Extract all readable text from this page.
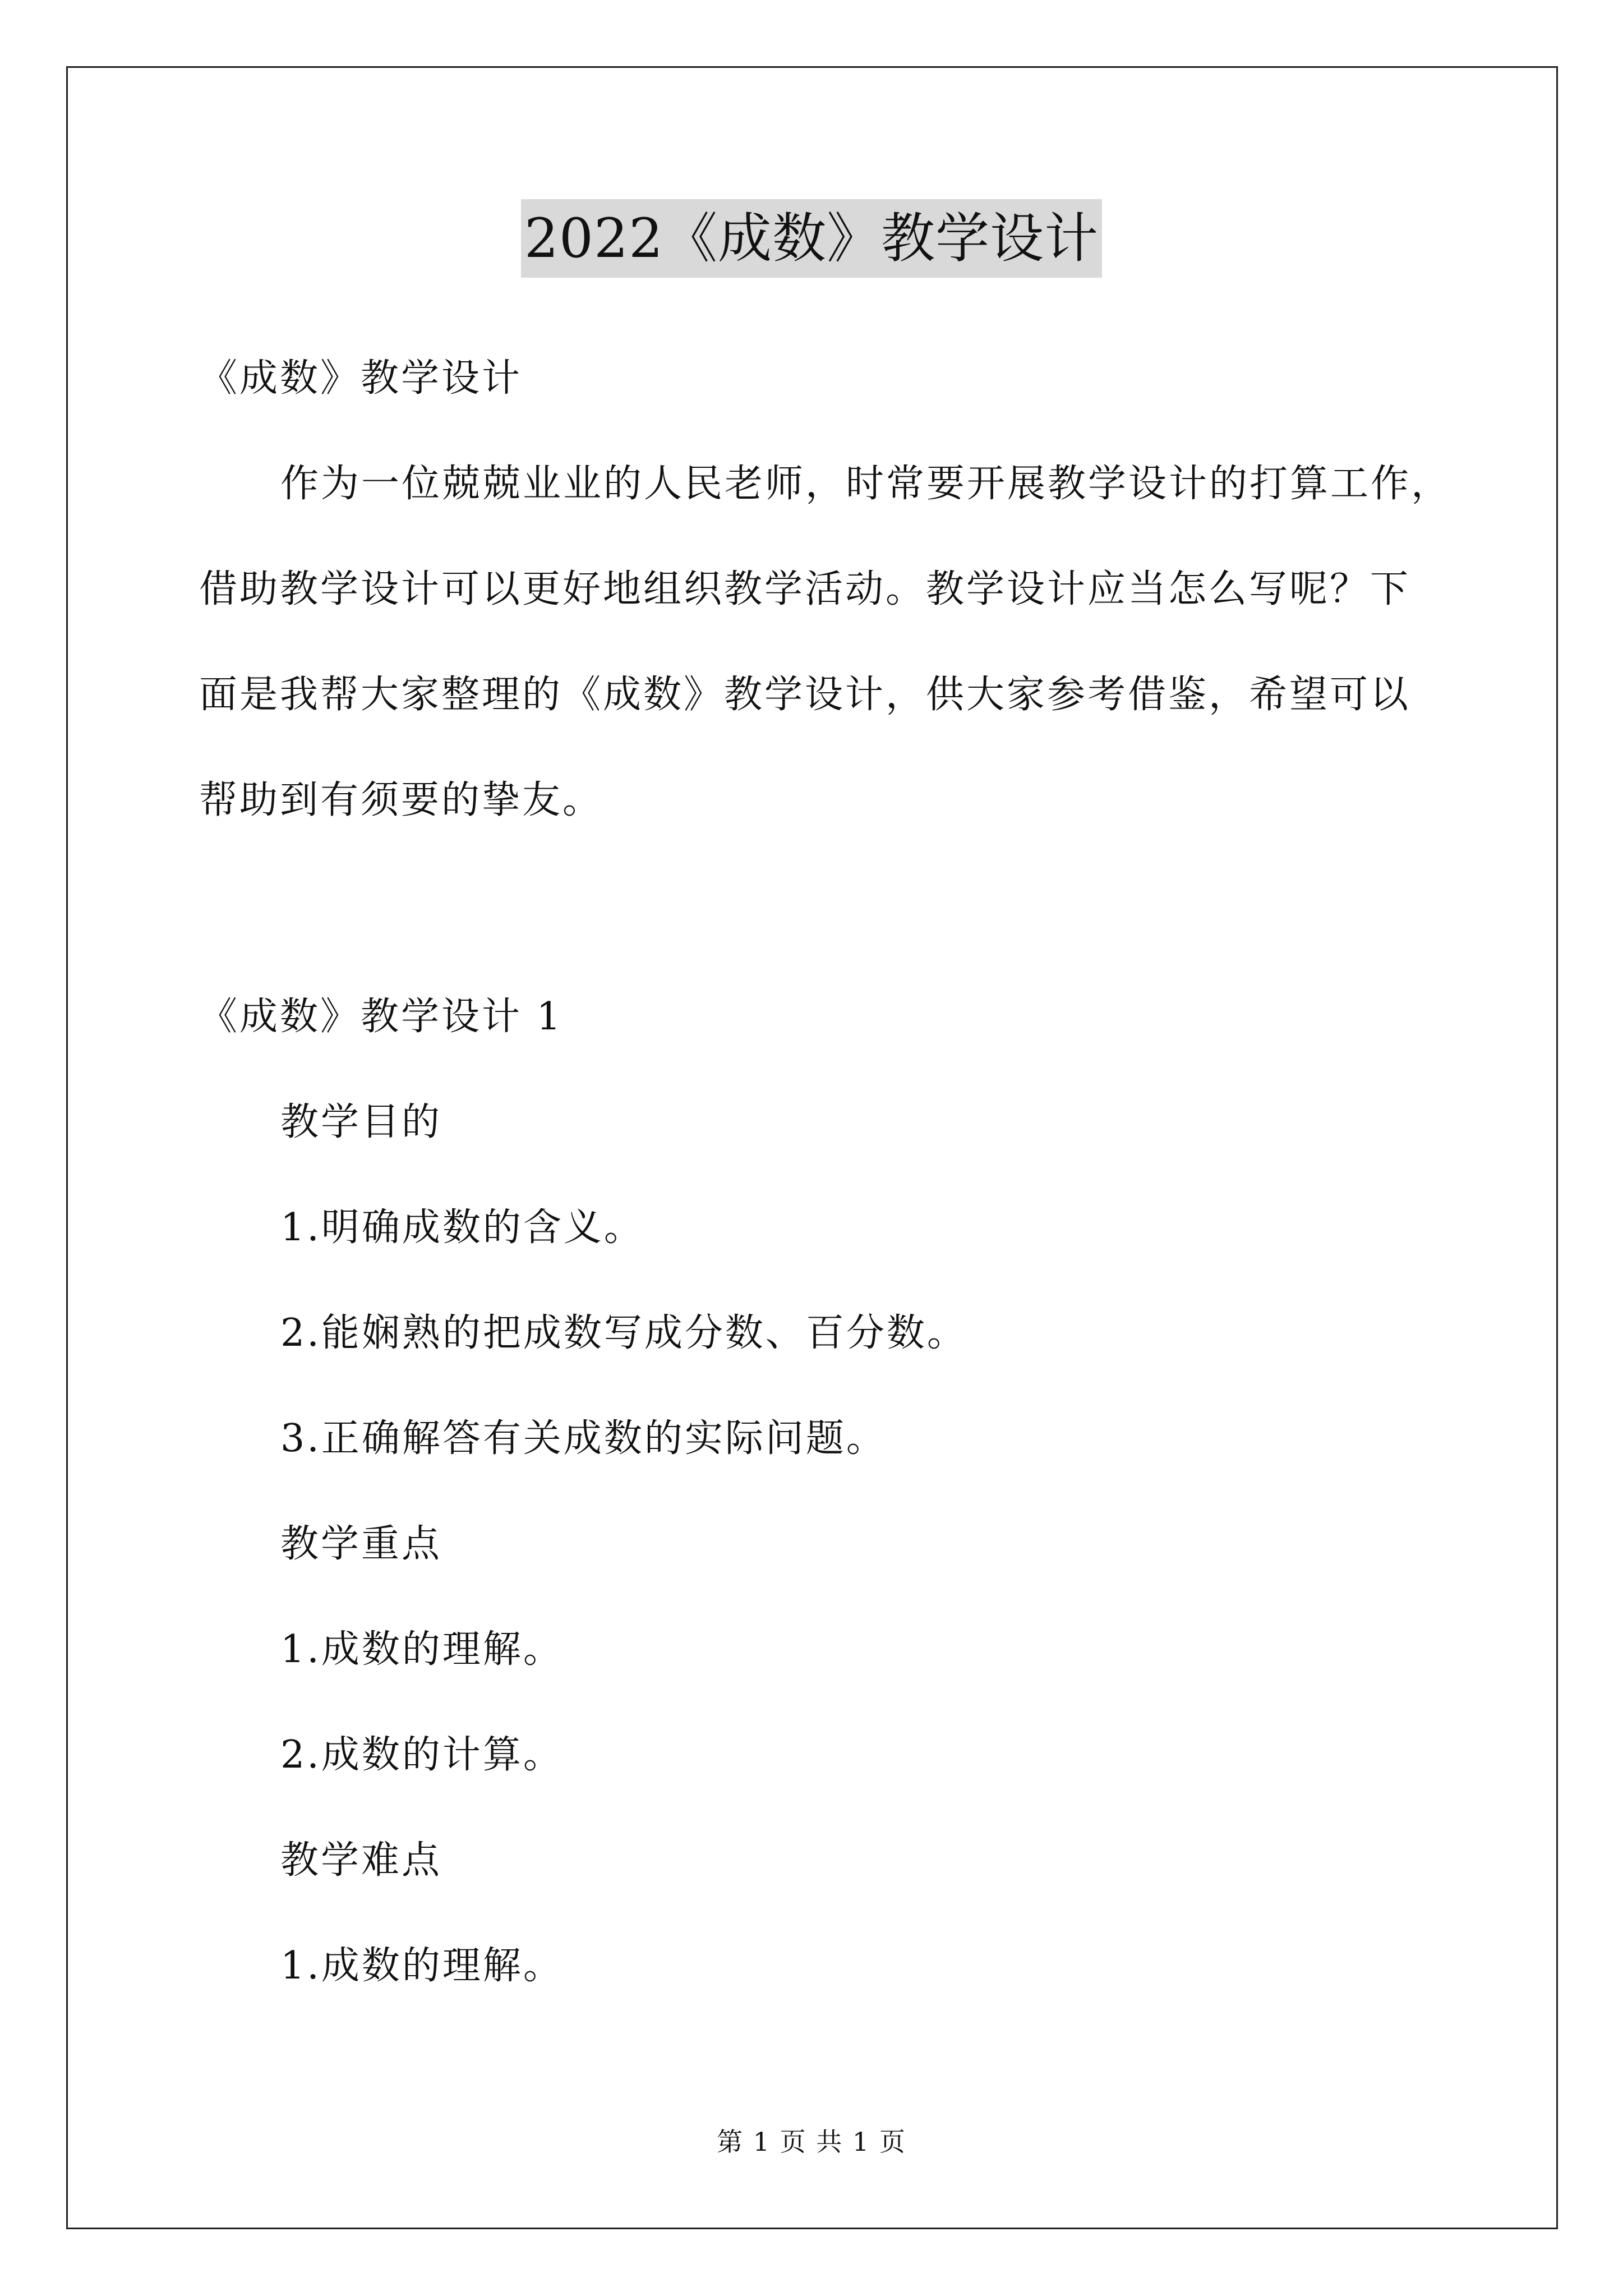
2022《成数》教学设计
《成数》教学设计
作为一位兢兢业业的人民老师，时常要开展教学设计的打算工作，
借助教学设计可以更好地组织教学活动。教学设计应当怎么写呢？下
面是我帮大家整理的《成数》教学设计，供大家参考借鉴，希望可以
帮助到有须要的挚友。
《成数》教学设计 1
教学目的
1.明确成数的含义。
2.能娴熟的把成数写成分数、百分数。
3.正确解答有关成数的实际问题。
教学重点
1.成数的理解。
2.成数的计算。
教学难点
1.成数的理解。
第 1 页 共 1 页
